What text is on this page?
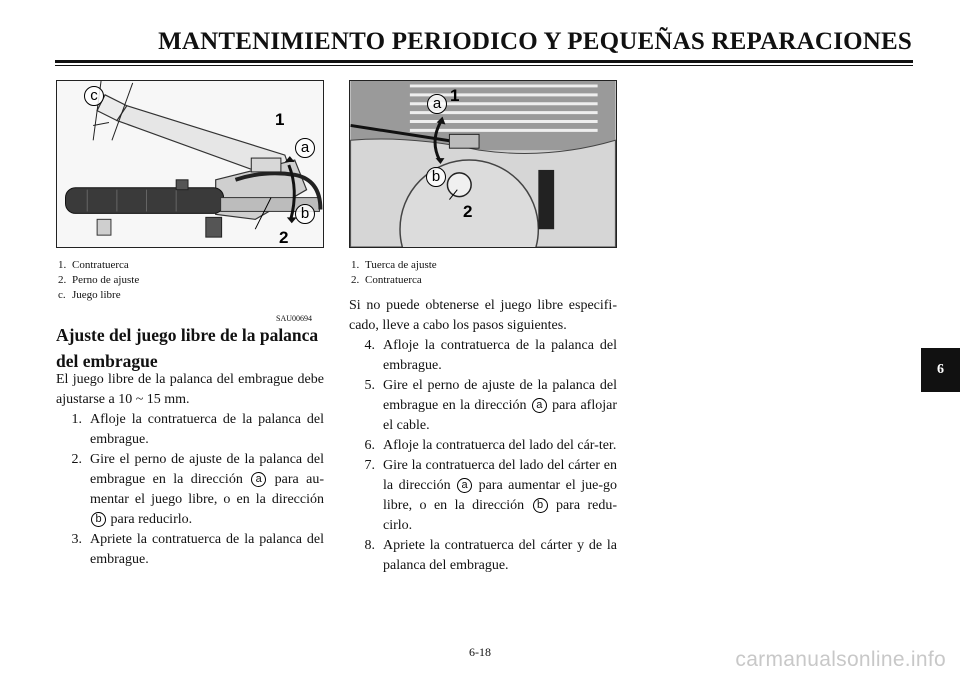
MANTENIMIENTO PERIODICO Y PEQUEÑAS REPARACIONES
1
2
a
b
c	1
2
a
b
1. Contratuerca
2. Perno de ajuste
c. Juego libre
1. Tuerca de ajuste
2. Contratuerca
SAU00694
Ajuste del juego libre de la palanca del embrague
El juego libre de la palanca del embrague debe ajustarse a 10 ~ 15 mm.
1. Afloje la contratuerca de la palanca del embrague.
2. Gire el perno de ajuste de la palanca del embrague en la dirección a para au-mentar el juego libre, o en la dirección b para reducirlo.
3. Apriete la contratuerca de la palanca del embrague.
Si no puede obtenerse el juego libre especifi-cado, lleve a cabo los pasos siguientes.
4. Afloje la contratuerca de la palanca del embrague.
5. Gire el perno de ajuste de la palanca del embrague en la dirección a para aflojar el cable.
6. Afloje la contratuerca del lado del cár-ter.
7. Gire la contratuerca del lado del cárter en la dirección a para aumentar el jue-go libre, o en la dirección b para redu-cirlo.
8. Apriete la contratuerca del cárter y de la palanca del embrague.
6
6-18	carmanualsonline.info
